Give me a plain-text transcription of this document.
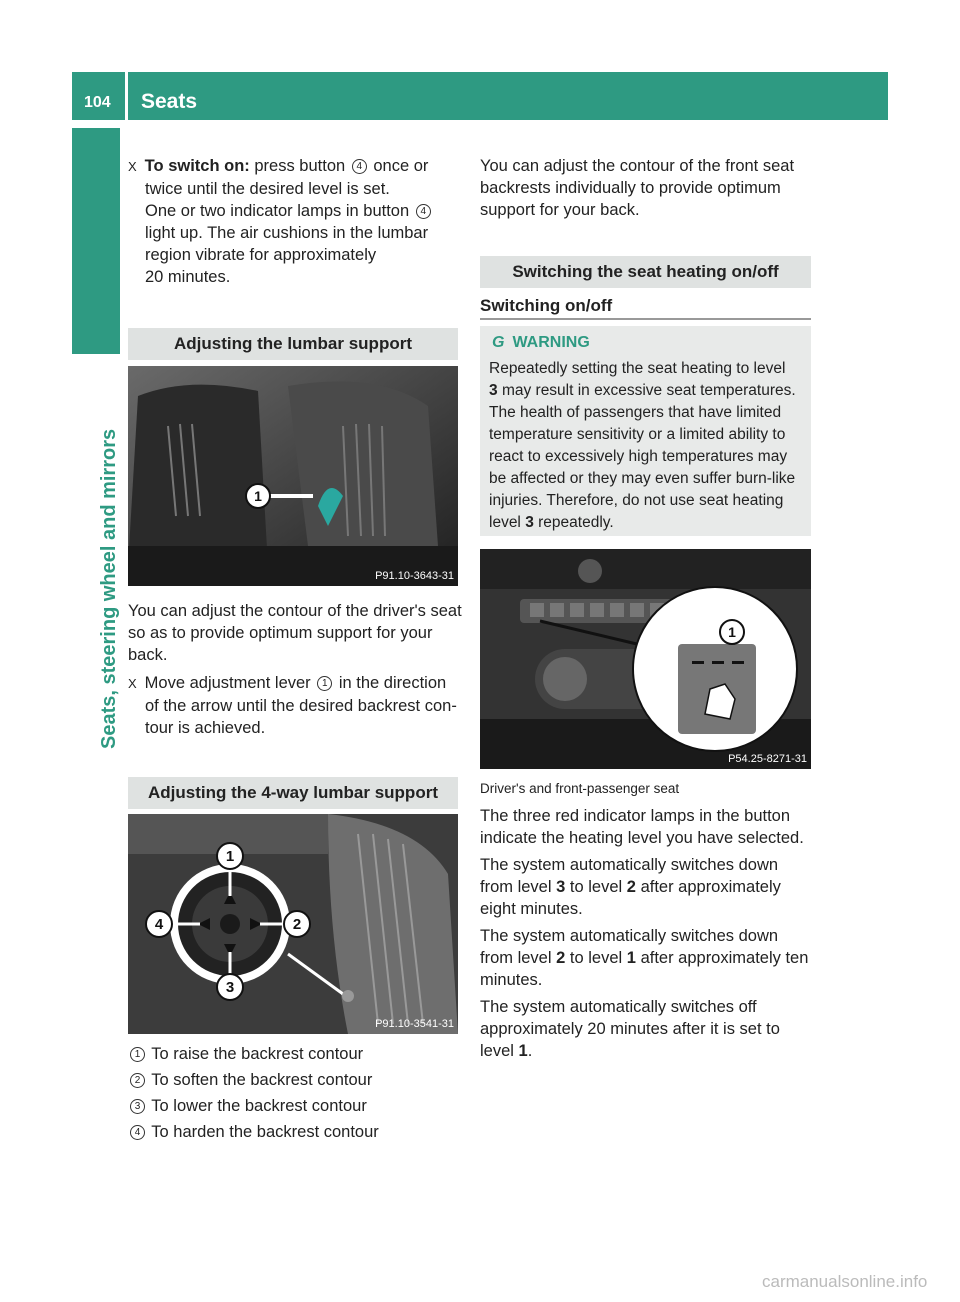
104 Seats
Seats, steering wheel and mirrors
X To switch on: press button 4 once or
twice until the desired level is set.
One or two indicator lamps in button 4
light up. The air cushions in the lumbar
region vibrate for approximately
20 minutes.
Adjusting the lumbar support
1
P91.10-3643-31
You can adjust the contour of the driver's seat
so as to provide optimum support for your
back.
X Move adjustment lever 1 in the direction
of the arrow until the desired backrest con-
tour is achieved.
Adjusting the 4-way lumbar support
1
2
3
4
P91.10-3541-31
1 To raise the backrest contour
2 To soften the backrest contour
3 To lower the backrest contour
4 To harden the backrest contour
You can adjust the contour of the front seat
backrests individually to provide optimum
support for your back.
Switching the seat heating on/off
Switching on/off
G WARNING
Repeatedly setting the seat heating to level
3 may result in excessive seat temperatures.
The health of passengers that have limited
temperature sensitivity or a limited ability to
react to excessively high temperatures may
be affected or they may even suffer burn-like
injuries. Therefore, do not use seat heating
level 3 repeatedly.
1
P54.25-8271-31
Driver's and front-passenger seat
The three red indicator lamps in the button
indicate the heating level you have selected.
The system automatically switches down
from level 3 to level 2 after approximately
eight minutes.
The system automatically switches down
from level 2 to level 1 after approximately ten
minutes.
The system automatically switches off
approximately 20 minutes after it is set to
level 1.
carmanualsonline.info
